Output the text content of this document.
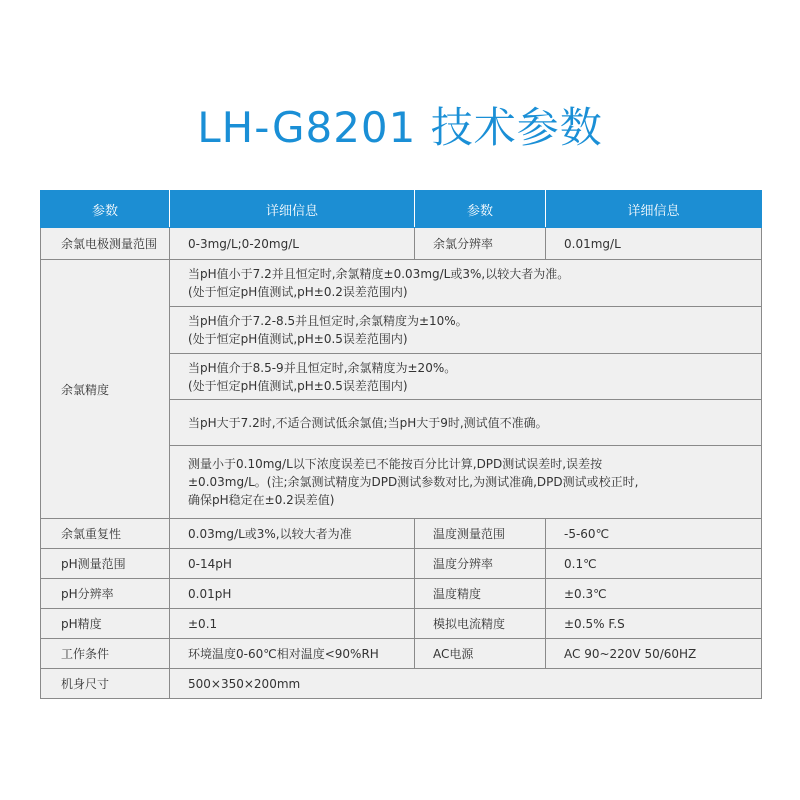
LH-G8201 技术参数
参数	详细信息	参数	详细信息
余氯电极测量范围	0-3mg/L;0-20mg/L	余氯分辨率	0.01mg/L
余氯精度	当pH值小于7.2并且恒定时,余氯精度±0.03mg/L或3%,以较大者为准。
(处于恒定pH值测试,pH±0.2误差范围内)		

	当pH值介于7.2-8.5并且恒定时,余氯精度为±10%。
(处于恒定pH值测试,pH±0.5误差范围内)		

	当pH值介于8.5-9并且恒定时,余氯精度为±20%。
(处于恒定pH值测试,pH±0.5误差范围内)		

	当pH大于7.2时,不适合测试低余氯值;当pH大于9时,测试值不准确。		

	测量小于0.10mg/L以下浓度误差已不能按百分比计算,DPD测试误差时,误差按
±0.03mg/L。(注;余氯测试精度为DPD测试参数对比,为测试准确,DPD测试或校正时,
确保pH稳定在±0.2误差值)		

余氯重复性	0.03mg/L或3%,以较大者为准	温度测量范围	-5-60℃
pH测量范围	0-14pH	温度分辨率	0.1℃
pH分辨率	0.01pH	温度精度	±0.3℃
pH精度	±0.1	模拟电流精度	±0.5% F.S
工作条件	环境温度0-60℃相对温度<90%RH	AC电源	AC 90~220V 50/60HZ
机身尺寸	500×350×200mm		
